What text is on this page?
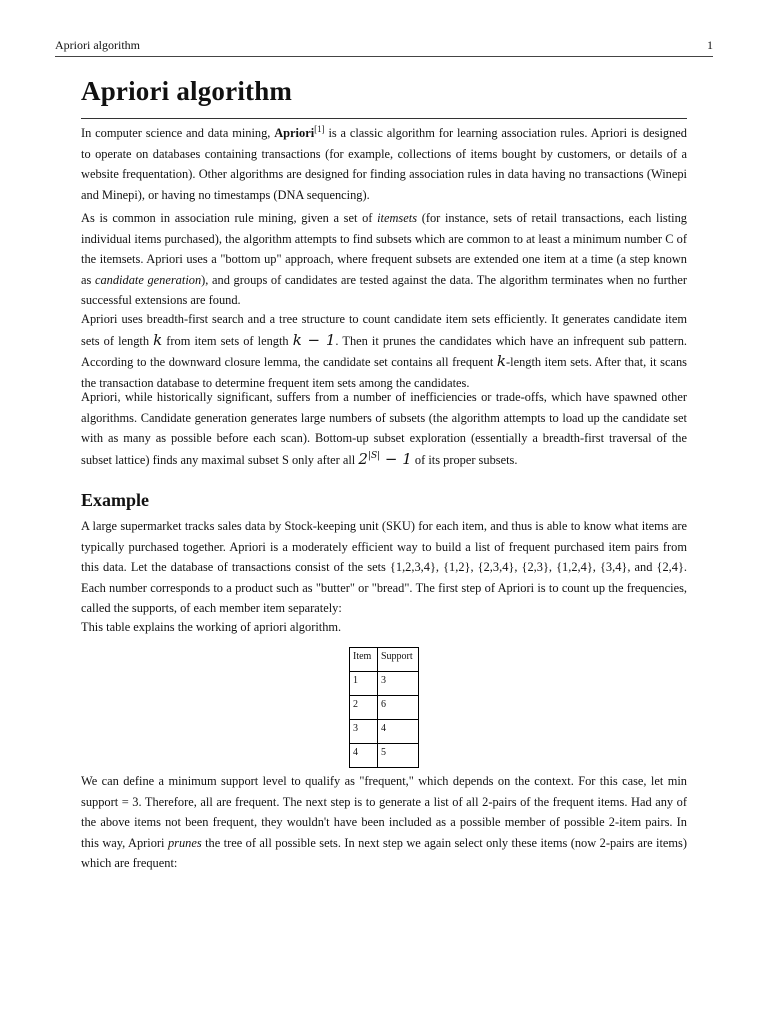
Apriori algorithm	1
Apriori algorithm

In computer science and data mining, Apriori[1] is a classic algorithm for learning association rules. Apriori is designed to operate on databases containing transactions (for example, collections of items bought by customers, or details of a website frequentation). Other algorithms are designed for finding association rules in data having no transactions (Winepi and Minepi), or having no timestamps (DNA sequencing).

As is common in association rule mining, given a set of itemsets (for instance, sets of retail transactions, each listing individual items purchased), the algorithm attempts to find subsets which are common to at least a minimum number C of the itemsets. Apriori uses a "bottom up" approach, where frequent subsets are extended one item at a time (a step known as candidate generation), and groups of candidates are tested against the data. The algorithm terminates when no further successful extensions are found.

Apriori uses breadth-first search and a tree structure to count candidate item sets efficiently. It generates candidate item sets of length k from item sets of length k − 1. Then it prunes the candidates which have an infrequent sub pattern. According to the downward closure lemma, the candidate set contains all frequent k-length item sets. After that, it scans the transaction database to determine frequent item sets among the candidates.

Apriori, while historically significant, suffers from a number of inefficiencies or trade-offs, which have spawned other algorithms. Candidate generation generates large numbers of subsets (the algorithm attempts to load up the candidate set with as many as possible before each scan). Bottom-up subset exploration (essentially a breadth-first traversal of the subset lattice) finds any maximal subset S only after all $2^{|S|} - 1$ of its proper subsets.

Example

A large supermarket tracks sales data by Stock-keeping unit (SKU) for each item, and thus is able to know what items are typically purchased together. Apriori is a moderately efficient way to build a list of frequent purchased item pairs from this data. Let the database of transactions consist of the sets {1,2,3,4}, {1,2}, {2,3,4}, {2,3}, {1,2,4}, {3,4}, and {2,4}. Each number corresponds to a product such as "butter" or "bread". The first step of Apriori is to count up the frequencies, called the supports, of each member item separately:

This table explains the working of apriori algorithm.

Item	Support
1	3
2	6
3	4
4	5

We can define a minimum support level to qualify as "frequent," which depends on the context. For this case, let min support = 3. Therefore, all are frequent. The next step is to generate a list of all 2-pairs of the frequent items. Had any of the above items not been frequent, they wouldn't have been included as a possible member of possible 2-item pairs. In this way, Apriori prunes the tree of all possible sets. In next step we again select only these items (now 2-pairs are items) which are frequent:
